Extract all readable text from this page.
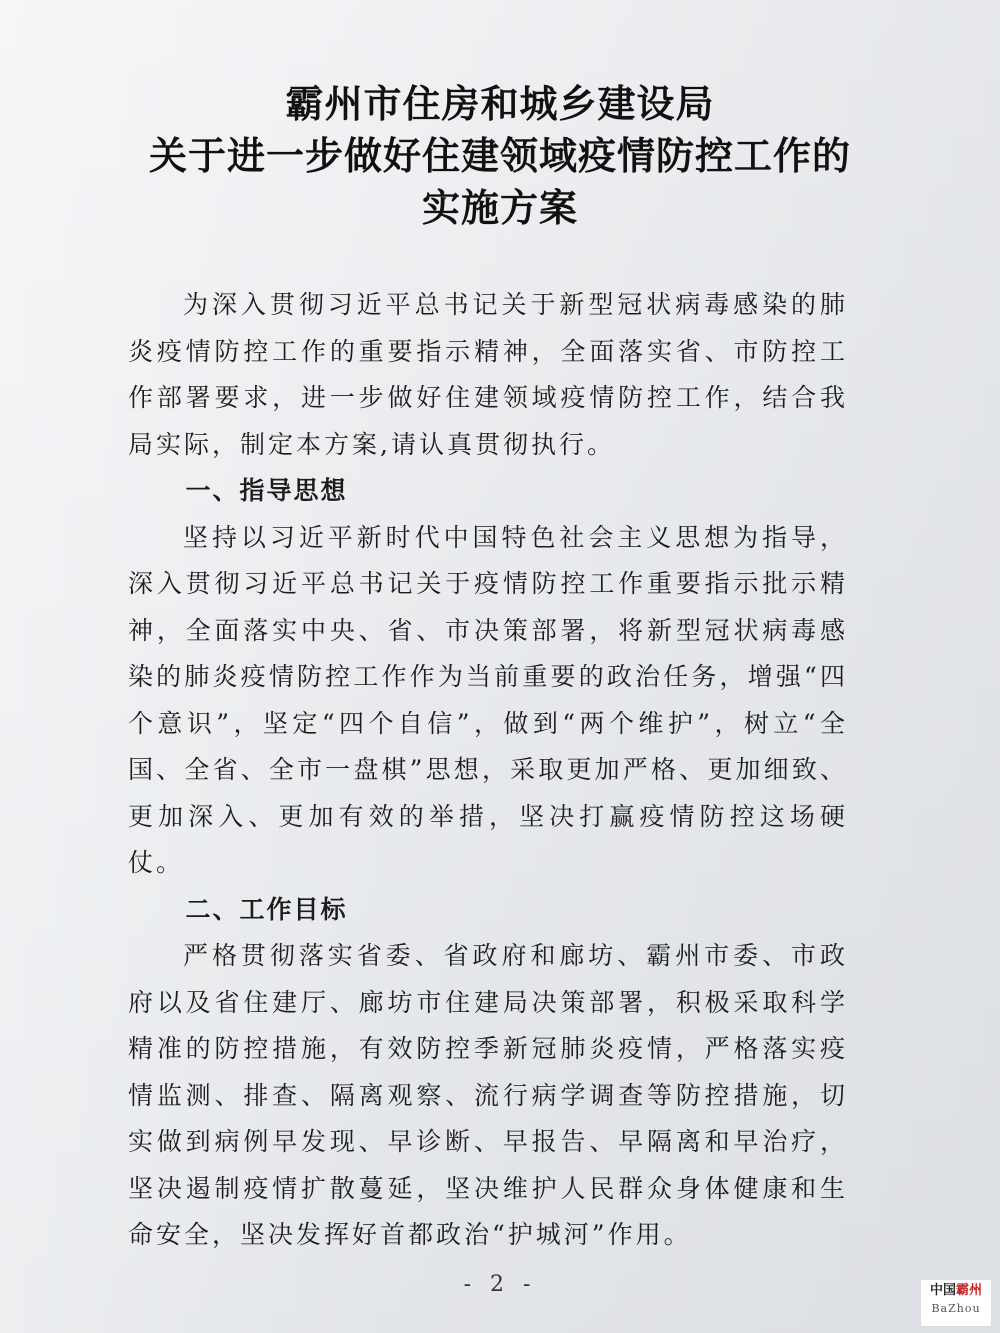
霸州市住房和城乡建设局
关于进一步做好住建领域疫情防控工作的
实施方案

为深入贯彻习近平总书记关于新型冠状病毒感染的肺炎疫情防控工作的重要指示精神，全面落实省、市防控工作部署要求，进一步做好住建领域疫情防控工作，结合我局实际，制定本方案,请认真贯彻执行。

一、指导思想

坚持以习近平新时代中国特色社会主义思想为指导，深入贯彻习近平总书记关于疫情防控工作重要指示批示精神，全面落实中央、省、市决策部署，将新型冠状病毒感染的肺炎疫情防控工作作为当前重要的政治任务，增强“四个意识”，坚定“四个自信”，做到“两个维护”，树立“全国、全省、全市一盘棋”思想，采取更加严格、更加细致、更加深入、更加有效的举措，坚决打赢疫情防控这场硬仗。

二、工作目标

严格贯彻落实省委、省政府和廊坊、霸州市委、市政府以及省住建厅、廊坊市住建局决策部署，积极采取科学精准的防控措施，有效防控季新冠肺炎疫情，严格落实疫情监测、排查、隔离观察、流行病学调查等防控措施，切实做到病例早发现、早诊断、早报告、早隔离和早治疗，坚决遏制疫情扩散蔓延，坚决维护人民群众身体健康和生命安全，坚决发挥好首都政治“护城河”作用。

- 2 -	中国霸州
BaZhou
